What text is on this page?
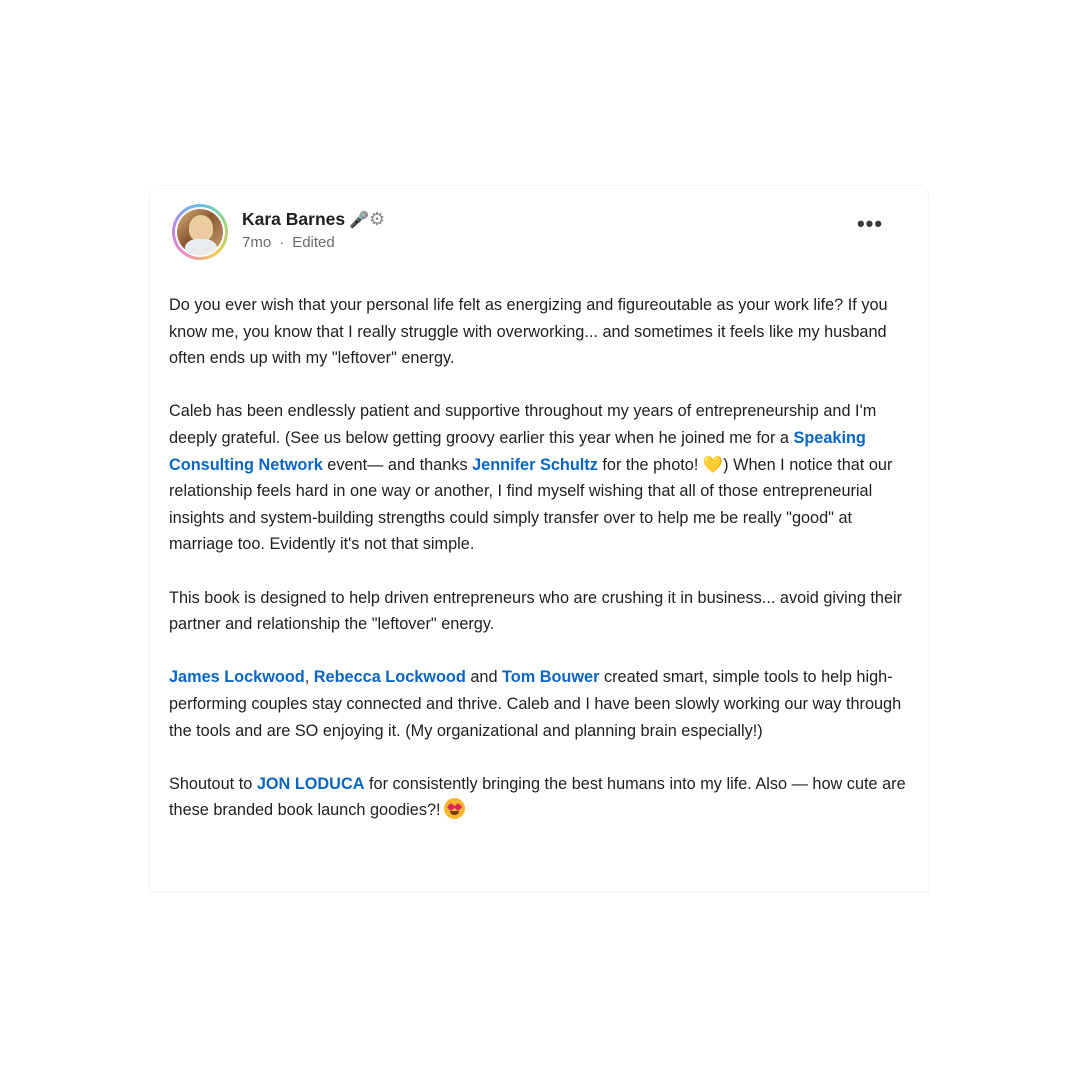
Kara Barnes 🎤 ⚙
7mo · Edited
•••

Do you ever wish that your personal life felt as energizing and figureoutable as your work life? If you know me, you know that I really struggle with overworking... and sometimes it feels like my husband often ends up with my "leftover" energy.

Caleb has been endlessly patient and supportive throughout my years of entrepreneurship and I'm deeply grateful. (See us below getting groovy earlier this year when he joined me for a Speaking Consulting Network event— and thanks Jennifer Schultz for the photo! 💛) When I notice that our relationship feels hard in one way or another, I find myself wishing that all of those entrepreneurial insights and system-building strengths could simply transfer over to help me be really "good" at marriage too. Evidently it's not that simple.

This book is designed to help driven entrepreneurs who are crushing it in business... avoid giving their partner and relationship the "leftover" energy.

James Lockwood, Rebecca Lockwood and Tom Bouwer created smart, simple tools to help high-performing couples stay connected and thrive. Caleb and I have been slowly working our way through the tools and are SO enjoying it. (My organizational and planning brain especially!)

Shoutout to JON LODUCA for consistently bringing the best humans into my life. Also — how cute are these branded book launch goodies?!
